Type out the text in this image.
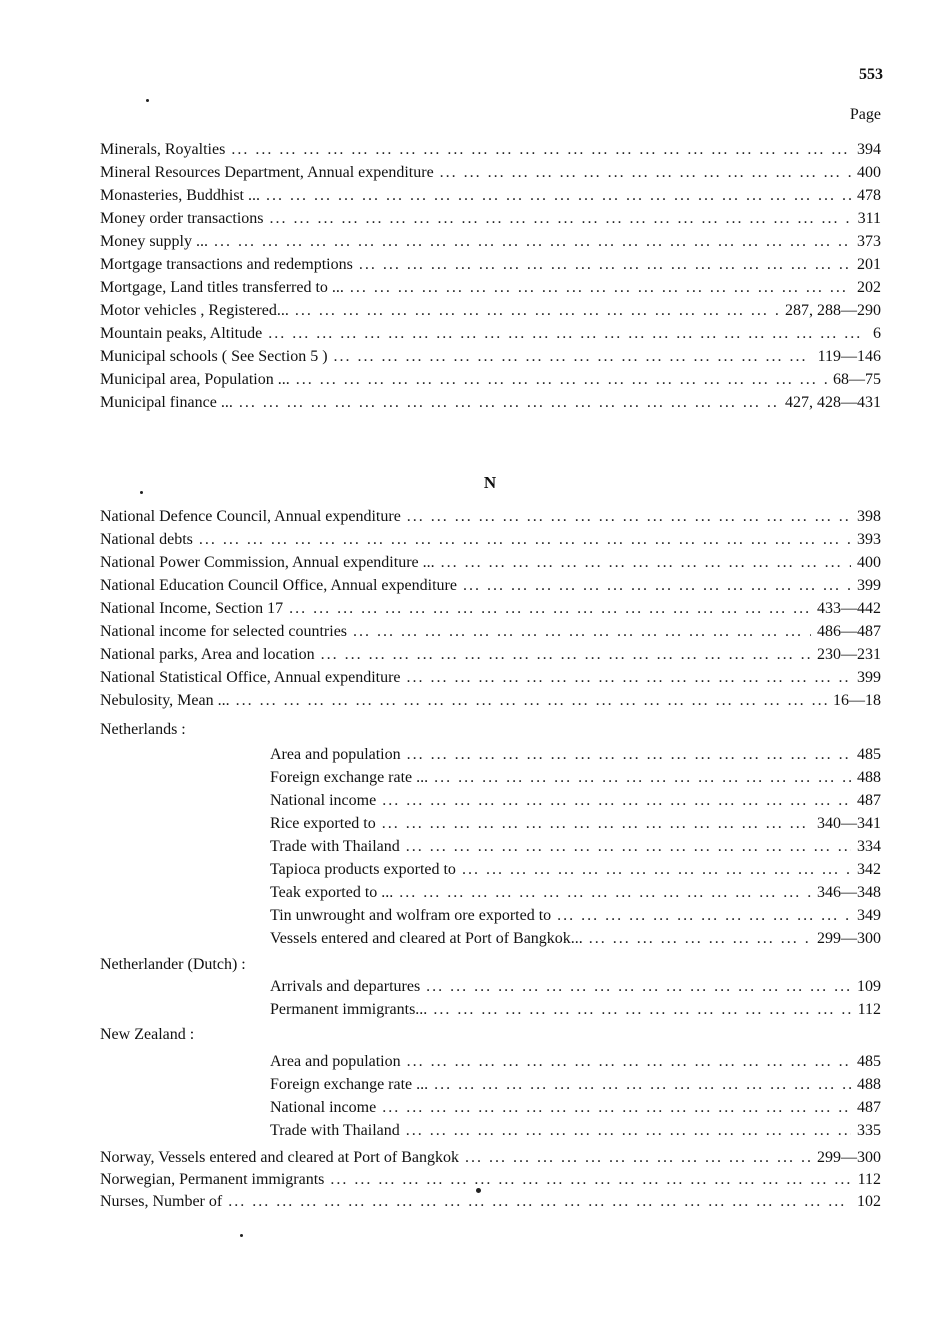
553
Page
Minerals, Royalties ... .	394
Mineral Resources Department, Annual expenditure ... .	400
Monasteries, Buddhist ... ... .	478
Money order transactions ... .	311
Money supply ... ... .	373
Mortgage transactions and redemptions ... .	201
Mortgage, Land titles transferred to ... ... .	202
Motor vehicles , Registered... ... .	287, 288—290
Mountain peaks, Altitude ... .	6
Municipal schools ( See Section 5 ) ... .	119—146
Municipal area, Population ... ... .	68—75
Municipal finance ... ... .	427, 428—431
N
National Defence Council, Annual expenditure ... .	398
National debts ... .	393
National Power Commission, Annual expenditure ... ... .	400
National Education Council Office, Annual expenditure ... .	399
National Income, Section 17 ... .	433—442
National income for selected countries ... .	486—487
National parks, Area and location ... .	230—231
National Statistical Office, Annual expenditure ... .	399
Nebulosity, Mean ... ... .	16—18
Netherlands :
Area and population ... .	485
Foreign exchange rate ... ... .	488
National income ... .	487
Rice exported to ... .	340—341
Trade with Thailand ... .	334
Tapioca products exported to ... .	342
Teak exported to ... ... .	346—348
Tin unwrought and wolfram ore exported to ... .	349
Vessels entered and cleared at Port of Bangkok... ... .	299—300
Netherlander (Dutch) :
Arrivals and departures ... .	109
Permanent immigrants... ... .	112
New Zealand :
Area and population ... .	485
Foreign exchange rate ... ... .	488
National income ... .	487
Trade with Thailand ... .	335
Norway, Vessels entered and cleared at Port of Bangkok ... .	299—300
Norwegian, Permanent immigrants ... .	112
Nurses, Number of ... .	102
